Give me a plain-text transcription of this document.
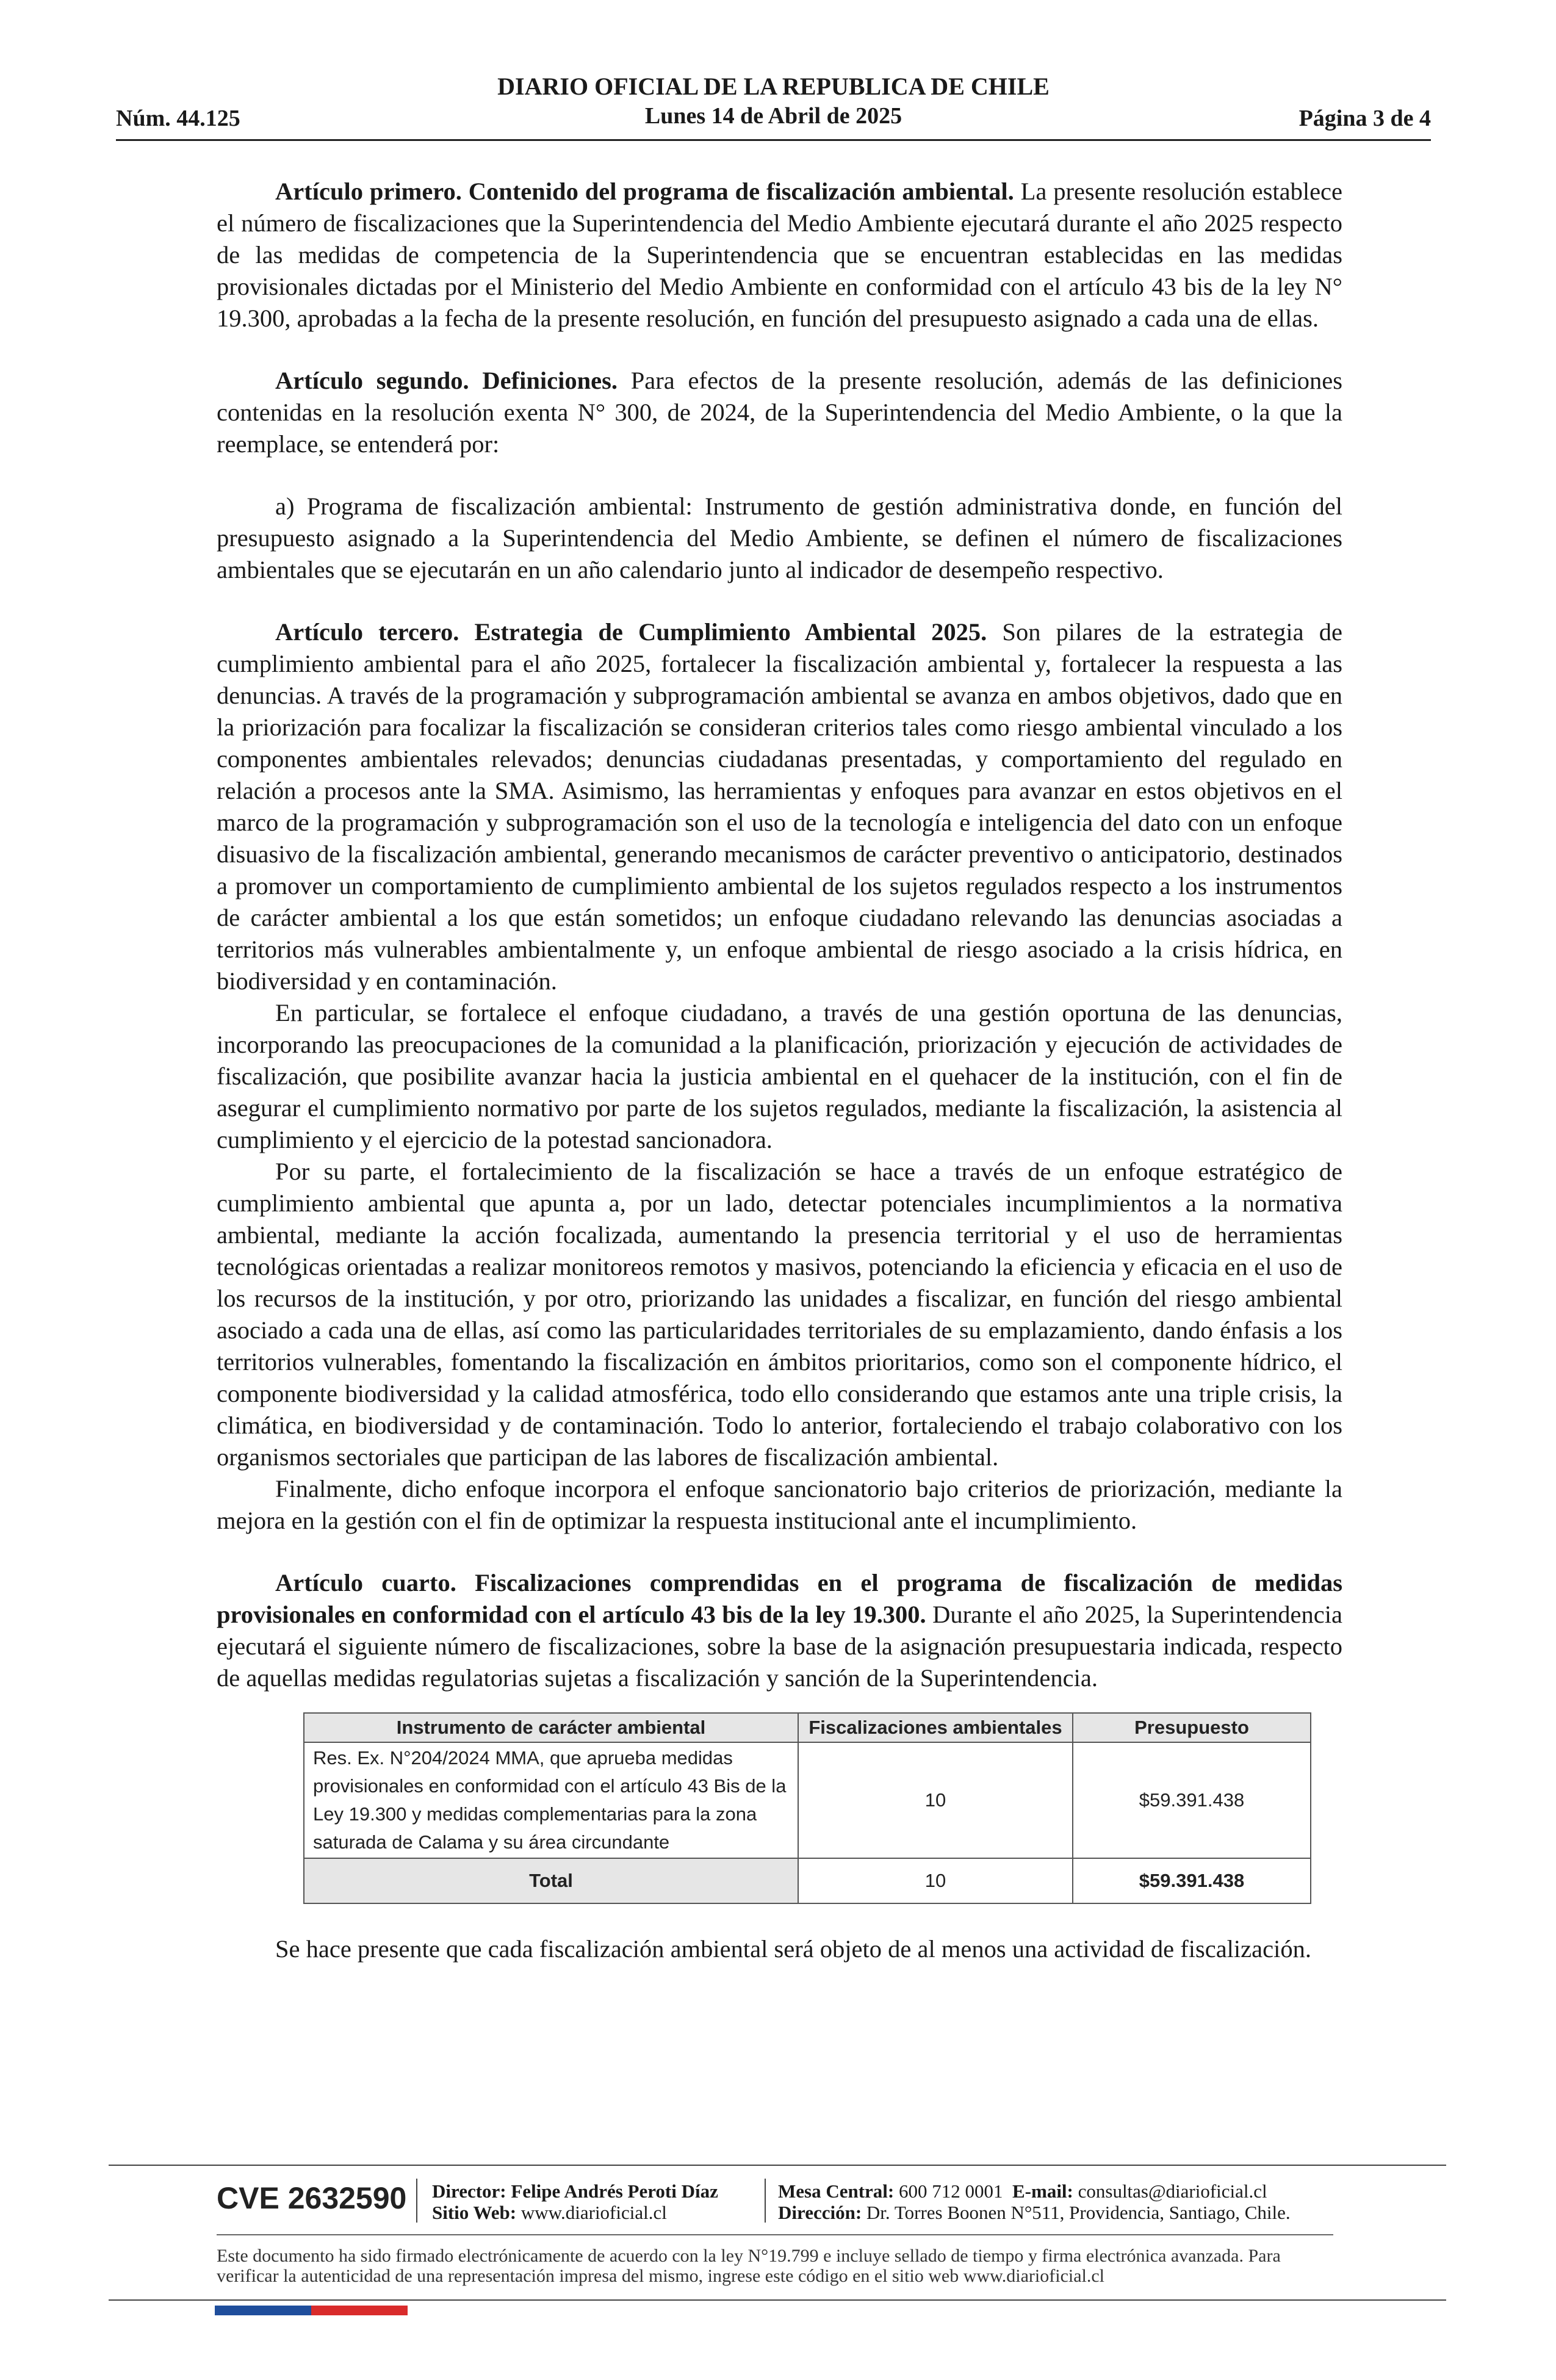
DIARIO OFICIAL DE LA REPUBLICA DE CHILE
Núm. 44.125	Lunes 14 de Abril de 2025	Página 3 de 4

Artículo primero. Contenido del programa de fiscalización ambiental. La presente resolución establece el número de fiscalizaciones que la Superintendencia del Medio Ambiente ejecutará durante el año 2025 respecto de las medidas de competencia de la Superintendencia que se encuentran establecidas en las medidas provisionales dictadas por el Ministerio del Medio Ambiente en conformidad con el artículo 43 bis de la ley N° 19.300, aprobadas a la fecha de la presente resolución, en función del presupuesto asignado a cada una de ellas.

Artículo segundo. Definiciones. Para efectos de la presente resolución, además de las definiciones contenidas en la resolución exenta N° 300, de 2024, de la Superintendencia del Medio Ambiente, o la que la reemplace, se entenderá por:

a) Programa de fiscalización ambiental: Instrumento de gestión administrativa donde, en función del presupuesto asignado a la Superintendencia del Medio Ambiente, se definen el número de fiscalizaciones ambientales que se ejecutarán en un año calendario junto al indicador de desempeño respectivo.

Artículo tercero. Estrategia de Cumplimiento Ambiental 2025. Son pilares de la estrategia de cumplimiento ambiental para el año 2025, fortalecer la fiscalización ambiental y, fortalecer la respuesta a las denuncias. A través de la programación y subprogramación ambiental se avanza en ambos objetivos, dado que en la priorización para focalizar la fiscalización se consideran criterios tales como riesgo ambiental vinculado a los componentes ambientales relevados; denuncias ciudadanas presentadas, y comportamiento del regulado en relación a procesos ante la SMA. Asimismo, las herramientas y enfoques para avanzar en estos objetivos en el marco de la programación y subprogramación son el uso de la tecnología e inteligencia del dato con un enfoque disuasivo de la fiscalización ambiental, generando mecanismos de carácter preventivo o anticipatorio, destinados a promover un comportamiento de cumplimiento ambiental de los sujetos regulados respecto a los instrumentos de carácter ambiental a los que están sometidos; un enfoque ciudadano relevando las denuncias asociadas a territorios más vulnerables ambientalmente y, un enfoque ambiental de riesgo asociado a la crisis hídrica, en biodiversidad y en contaminación.

En particular, se fortalece el enfoque ciudadano, a través de una gestión oportuna de las denuncias, incorporando las preocupaciones de la comunidad a la planificación, priorización y ejecución de actividades de fiscalización, que posibilite avanzar hacia la justicia ambiental en el quehacer de la institución, con el fin de asegurar el cumplimiento normativo por parte de los sujetos regulados, mediante la fiscalización, la asistencia al cumplimiento y el ejercicio de la potestad sancionadora.

Por su parte, el fortalecimiento de la fiscalización se hace a través de un enfoque estratégico de cumplimiento ambiental que apunta a, por un lado, detectar potenciales incumplimientos a la normativa ambiental, mediante la acción focalizada, aumentando la presencia territorial y el uso de herramientas tecnológicas orientadas a realizar monitoreos remotos y masivos, potenciando la eficiencia y eficacia en el uso de los recursos de la institución, y por otro, priorizando las unidades a fiscalizar, en función del riesgo ambiental asociado a cada una de ellas, así como las particularidades territoriales de su emplazamiento, dando énfasis a los territorios vulnerables, fomentando la fiscalización en ámbitos prioritarios, como son el componente hídrico, el componente biodiversidad y la calidad atmosférica, todo ello considerando que estamos ante una triple crisis, la climática, en biodiversidad y de contaminación. Todo lo anterior, fortaleciendo el trabajo colaborativo con los organismos sectoriales que participan de las labores de fiscalización ambiental.

Finalmente, dicho enfoque incorpora el enfoque sancionatorio bajo criterios de priorización, mediante la mejora en la gestión con el fin de optimizar la respuesta institucional ante el incumplimiento.

Artículo cuarto. Fiscalizaciones comprendidas en el programa de fiscalización de medidas provisionales en conformidad con el artículo 43 bis de la ley 19.300. Durante el año 2025, la Superintendencia ejecutará el siguiente número de fiscalizaciones, sobre la base de la asignación presupuestaria indicada, respecto de aquellas medidas regulatorias sujetas a fiscalización y sanción de la Superintendencia.

Instrumento de carácter ambiental	Fiscalizaciones ambientales	Presupuesto
Res. Ex. N°204/2024 MMA, que aprueba medidas provisionales en conformidad con el artículo 43 Bis de la Ley 19.300 y medidas complementarias para la zona saturada de Calama y su área circundante	10	$59.391.438
Total	10	$59.391.438

Se hace presente que cada fiscalización ambiental será objeto de al menos una actividad de fiscalización.

CVE 2632590 Director: Felipe Andrés Peroti Díaz
Sitio Web: www.diarioficial.cl
Mesa Central: 600 712 0001 E-mail: consultas@diarioficial.cl
Dirección: Dr. Torres Boonen N°511, Providencia, Santiago, Chile.
Este documento ha sido firmado electrónicamente de acuerdo con la ley N°19.799 e incluye sellado de tiempo y firma electrónica avanzada. Para verificar la autenticidad de una representación impresa del mismo, ingrese este código en el sitio web www.diarioficial.cl
